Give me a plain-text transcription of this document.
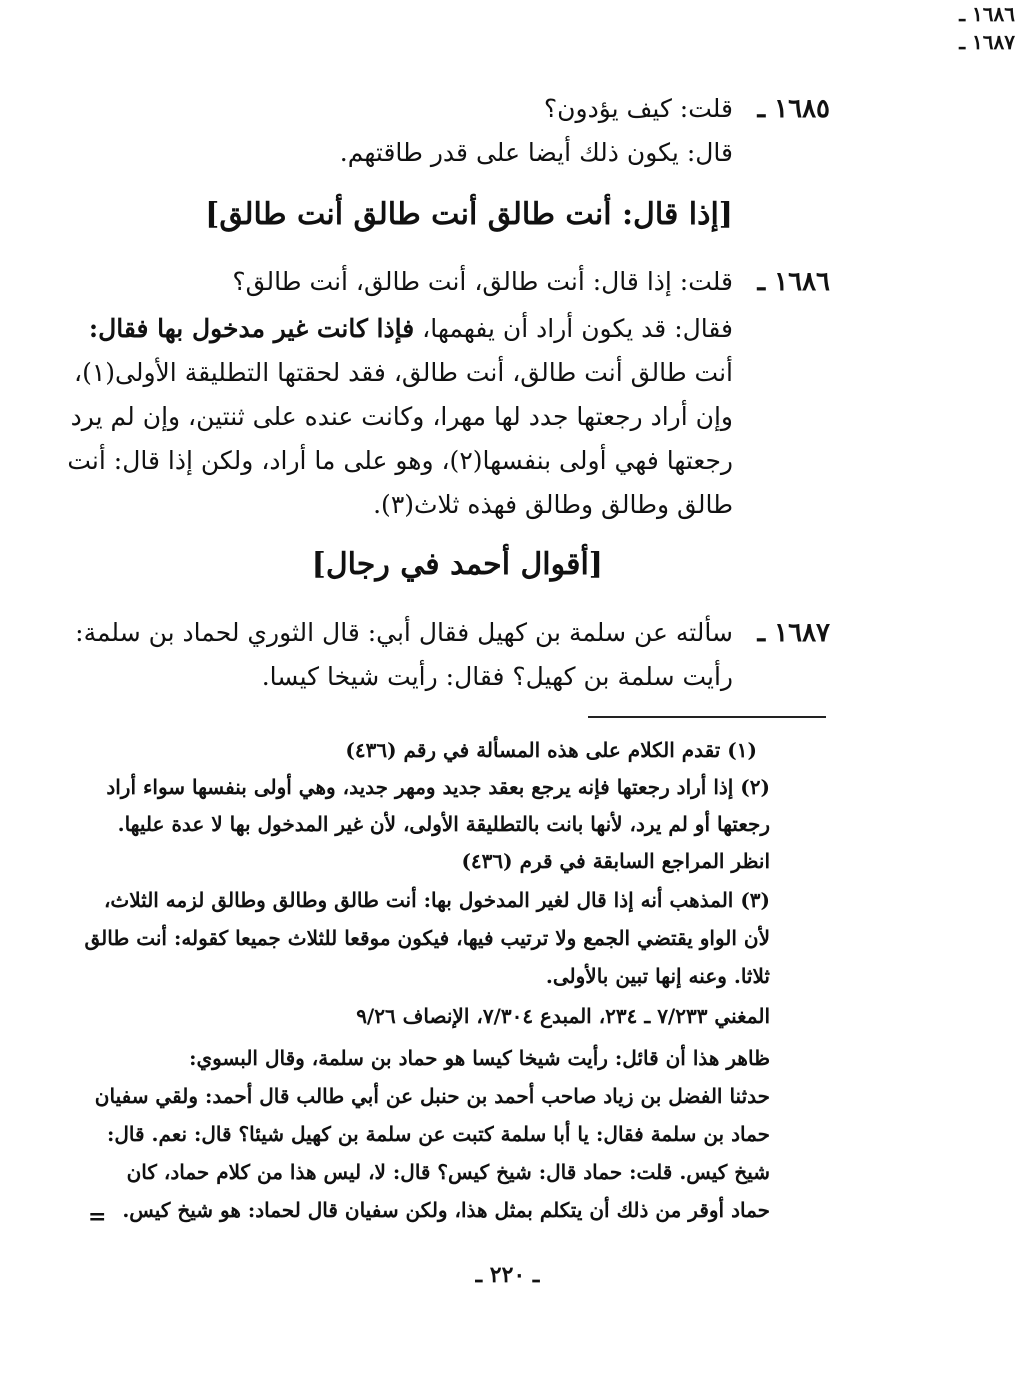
١٦٨٥ ـ
قلت: كيف يؤدون؟
قال: يكون ذلك أيضا على قدر طاقتهم.
[إذا قال: أنت طالق أنت طالق أنت طالق]
١٦٨٦ ـ
قلت: إذا قال: أنت طالق، أنت طالق، أنت طالق؟
فقال: قد يكون أراد أن يفهمها، فإذا كانت غير مدخول بها فقال:
أنت طالق أنت طالق، أنت طالق، فقد لحقتها التطليقة الأولى(١)،
وإن أراد رجعتها جدد لها مهرا، وكانت عنده على ثنتين، وإن لم يرد
رجعتها فهي أولى بنفسها(٢)، وهو على ما أراد، ولكن إذا قال: أنت
طالق وطالق وطالق فهذه ثلاث(٣).
[أقوال أحمد في رجال]
١٦٨٧ ـ
سألته عن سلمة بن كهيل فقال أبي: قال الثوري لحماد بن سلمة:
رأيت سلمة بن كهيل؟ فقال: رأيت شيخا كيسا.
١٦٨٦ ـ
(١) تقدم الكلام على هذه المسألة في رقم (٤٣٦)
(٢) إذا أراد رجعتها فإنه يرجع بعقد جديد ومهر جديد، وهي أولى بنفسها سواء أراد
رجعتها أو لم يرد، لأنها بانت بالتطليقة الأولى، لأن غير المدخول بها لا عدة عليها.
انظر المراجع السابقة في قرم (٤٣٦)
(٣) المذهب أنه إذا قال لغير المدخول بها: أنت طالق وطالق وطالق لزمه الثلاث،
لأن الواو يقتضي الجمع ولا ترتيب فيها، فيكون موقعا للثلاث جميعا كقوله: أنت طالق
ثلاثا. وعنه إنها تبين بالأولى.
المغني ٧/٢٣٣ ـ ٢٣٤، المبدع ٧/٣٠٤، الإنصاف ٩/٢٦
١٦٨٧ ـ
ظاهر هذا أن قائل: رأيت شيخا كيسا هو حماد بن سلمة، وقال البسوي:
حدثنا الفضل بن زياد صاحب أحمد بن حنبل عن أبي طالب قال أحمد: ولقي سفيان
حماد بن سلمة فقال: يا أبا سلمة كتبت عن سلمة بن كهيل شيئا؟ قال: نعم. قال:
شيخ كيس. قلت: حماد قال: شيخ كيس؟ قال: لا، ليس هذا من كلام حماد، كان
حماد أوقر من ذلك أن يتكلم بمثل هذا، ولكن سفيان قال لحماد: هو شيخ كيس.
=
ـ ٢٢٠ ـ
